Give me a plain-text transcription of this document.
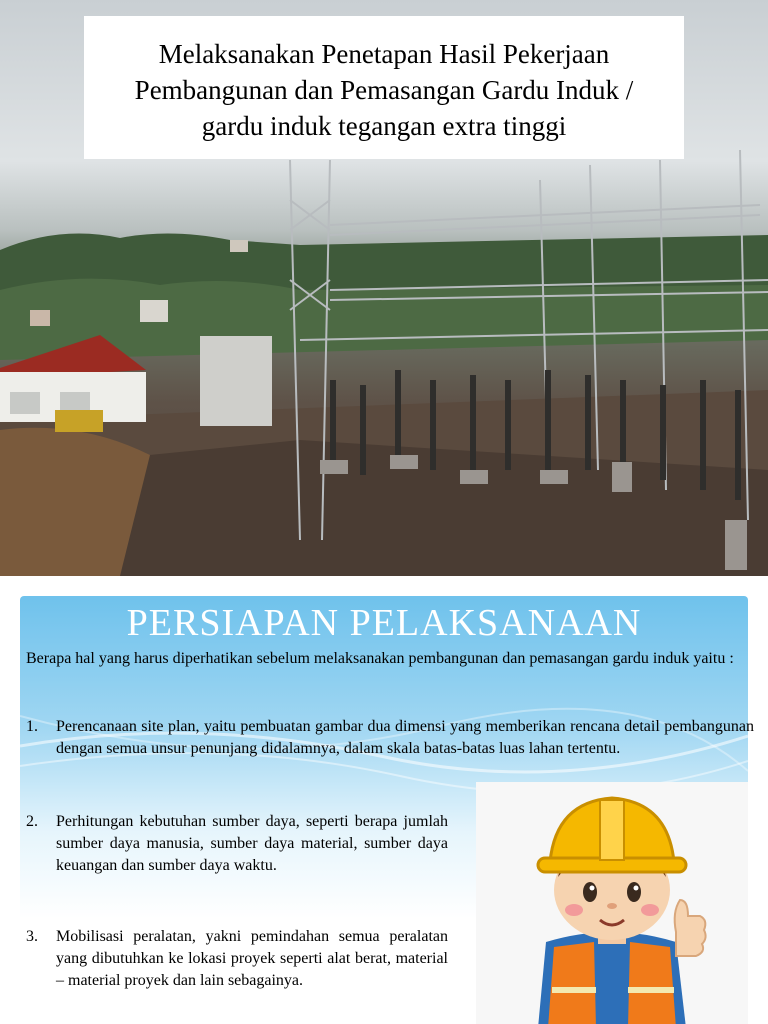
Melaksanakan Penetapan Hasil Pekerjaan
Pembangunan dan Pemasangan Gardu Induk /
gardu induk tegangan extra tinggi
PERSIAPAN PELAKSANAAN
Berapa hal yang harus diperhatikan sebelum melaksanakan pembangunan dan pemasangan gardu induk yaitu :
1. Perencanaan site plan, yaitu pembuatan gambar dua dimensi yang memberikan rencana detail pembangunan dengan semua unsur penunjang didalamnya, dalam skala batas-batas luas lahan tertentu.
2. Perhitungan kebutuhan sumber daya, seperti berapa jumlah sumber daya manusia, sumber daya material, sumber daya keuangan dan sumber daya waktu.
3. Mobilisasi peralatan, yakni pemindahan semua peralatan yang dibutuhkan ke lokasi proyek seperti alat berat, material – material proyek dan lain sebagainya.
